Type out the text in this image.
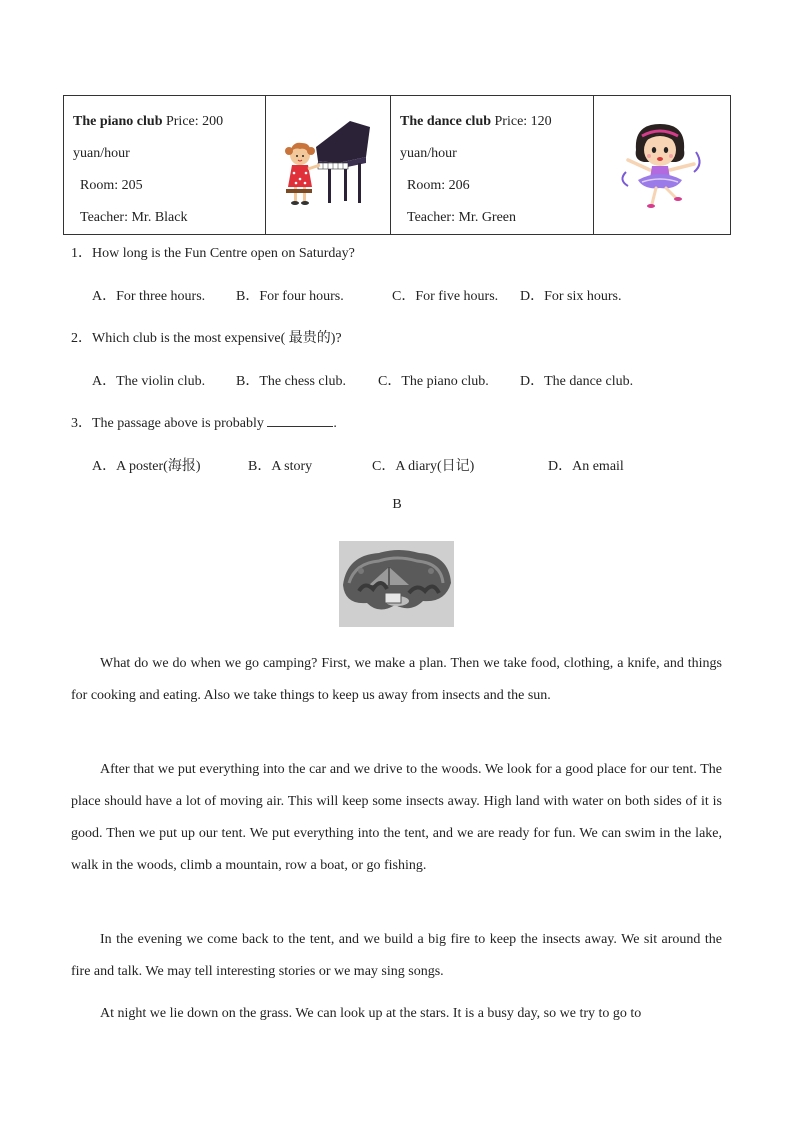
The piano club Price: 200
yuan/hour
Room: 205
Teacher: Mr. Black

The dance club Price: 120
yuan/hour
Room: 206
Teacher: Mr. Green

1．How long is the Fun Centre open on Saturday?
A．For three hours. B．For four hours.	C．For five hours. D．For six hours.
2．Which club is the most expensive( 最贵的)?
A．The violin club. B．The chess club. C．The piano club. D．The dance club.
3．The passage above is probably	.
A．A poster(海报)	B．A story	C．A diary(日记)	D．An email
B
What do we do when we go camping? First, we make a plan. Then we take food, clothing, a knife, and things for cooking and eating. Also we take things to keep us away from insects and the sun.
After that we put everything into the car and we drive to the woods. We look for a good place for our tent. The place should have a lot of moving air. This will keep some insects away. High land with water on both sides of it is good. Then we put up our tent. We put everything into the tent, and we are ready for fun. We can swim in the lake, walk in the woods, climb a mountain, row a boat, or go fishing.
In the evening we come back to the tent, and we build a big fire to keep the insects away. We sit around the fire and talk. We may tell interesting stories or we may sing songs.
At night we lie down on the grass. We can look up at the stars. It is a busy day, so we try to go to
